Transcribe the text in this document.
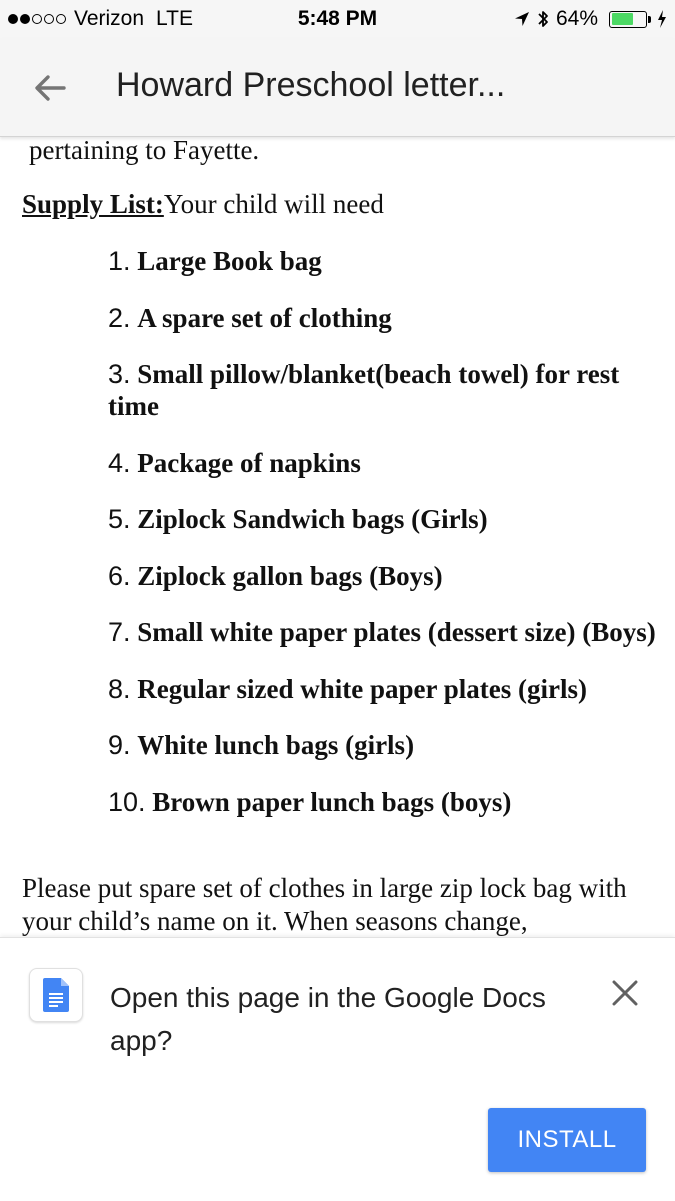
Verizon LTE	5:48 PM	64%
Howard Preschool letter...
pertaining to Fayette.
Supply List:Your child will need
1. Large Book bag
2. A spare set of clothing
3. Small pillow/blanket(beach towel) for rest time
4. Package of napkins
5. Ziplock Sandwich bags (Girls)
6. Ziplock gallon bags (Boys)
7. Small white paper plates (dessert size) (Boys)
8. Regular sized white paper plates (girls)
9. White lunch bags (girls)
10. Brown paper lunch bags (boys)
Please put spare set of clothes in large zip lock bag with your child’s name on it. When seasons change,
Open this page in the Google Docs app?
INSTALL
